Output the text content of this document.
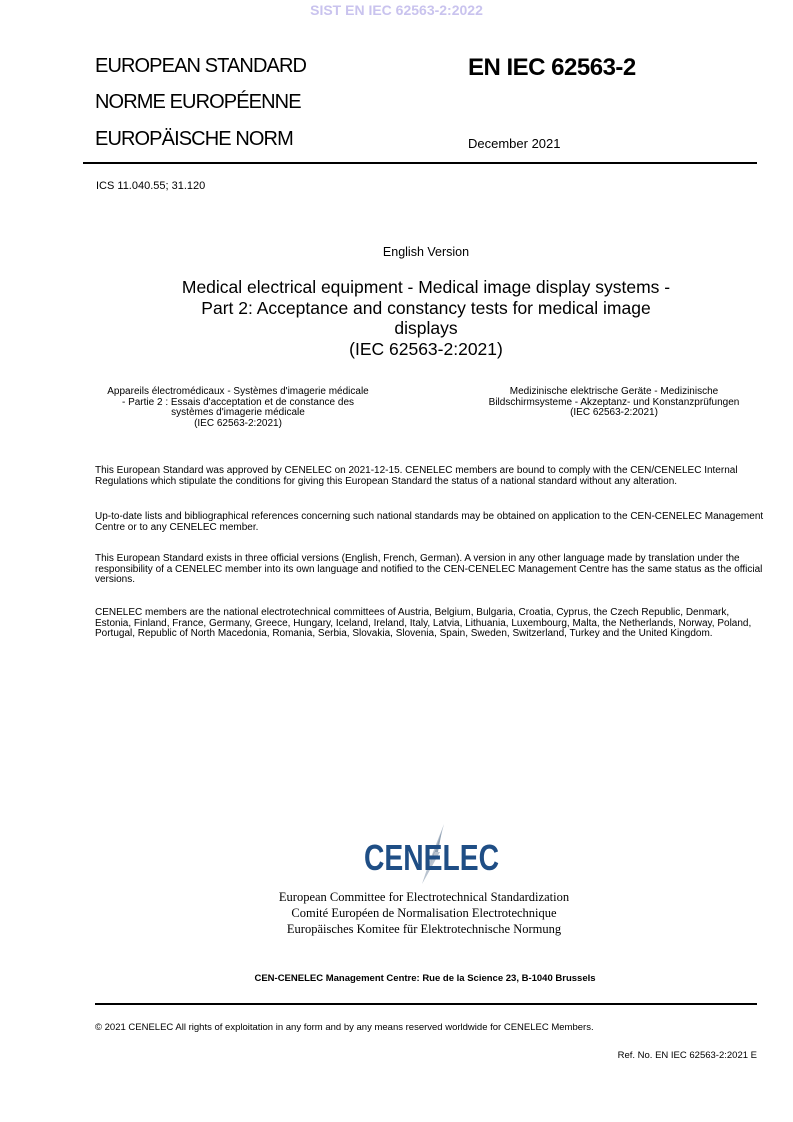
SIST EN IEC 62563-2:2022
EUROPEAN STANDARD
NORME EUROPÉENNE
EUROPÄISCHE NORM
EN IEC 62563-2
December 2021
ICS 11.040.55; 31.120
English Version
Medical electrical equipment - Medical image display systems -
Part 2: Acceptance and constancy tests for medical image
displays
(IEC 62563-2:2021)
Appareils électromédicaux - Systèmes d'imagerie médicale
- Partie 2 : Essais d'acceptation et de constance des
systèmes d'imagerie médicale
(IEC 62563-2:2021)
Medizinische elektrische Geräte - Medizinische
Bildschirmsysteme - Akzeptanz- und Konstanzprüfungen
(IEC 62563-2:2021)
This European Standard was approved by CENELEC on 2021-12-15. CENELEC members are bound to comply with the CEN/CENELEC Internal Regulations which stipulate the conditions for giving this European Standard the status of a national standard without any alteration.
Up-to-date lists and bibliographical references concerning such national standards may be obtained on application to the CEN-CENELEC Management Centre or to any CENELEC member.
This European Standard exists in three official versions (English, French, German). A version in any other language made by translation under the responsibility of a CENELEC member into its own language and notified to the CEN-CENELEC Management Centre has the same status as the official versions.
CENELEC members are the national electrotechnical committees of Austria, Belgium, Bulgaria, Croatia, Cyprus, the Czech Republic, Denmark, Estonia, Finland, France, Germany, Greece, Hungary, Iceland, Ireland, Italy, Latvia, Lithuania, Luxembourg, Malta, the Netherlands, Norway, Poland, Portugal, Republic of North Macedonia, Romania, Serbia, Slovakia, Slovenia, Spain, Sweden, Switzerland, Turkey and the United Kingdom.
CENELEC
European Committee for Electrotechnical Standardization
Comité Européen de Normalisation Electrotechnique
Europäisches Komitee für Elektrotechnische Normung
CEN-CENELEC Management Centre: Rue de la Science 23, B-1040 Brussels
© 2021 CENELEC All rights of exploitation in any form and by any means reserved worldwide for CENELEC Members.
Ref. No. EN IEC 62563-2:2021 E
